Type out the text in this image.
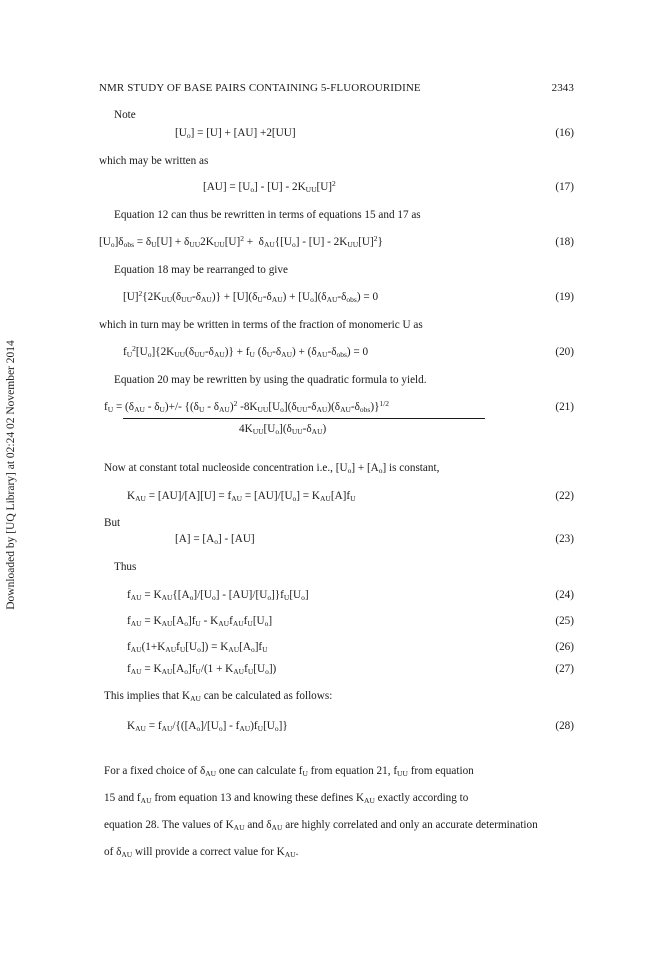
NMR STUDY OF BASE PAIRS CONTAINING 5-FLUOROURIDINE	2343
Downloaded by [UQ Library] at 02:24 02 November 2014
Note
$[U_o] = [U] + [AU] +2[UU]$	(16)
which may be written as
$[AU] = [U_o] - [U] - 2K_{UU}[U]^2$	(17)
Equation 12 can thus be rewritten in terms of equations 15 and 17 as
$[U_o]\delta_{obs} = \delta_U[U] + \delta_{UU}2K_{UU}[U]^2 + \delta_{AU}\{[U_o] - [U] - 2K_{UU}[U]^2\}$	(18)
Equation 18 may be rearranged to give
$[U]^2\{2K_{UU}(\delta_{UU}-\delta_{AU})\} + [U](\delta_U-\delta_{AU}) + [U_o](\delta_{AU}-\delta_{obs}) = 0$	(19)
which in turn may be written in terms of the fraction of monomeric U as
$f_U^2[U_o]\{2K_{UU}(\delta_{UU}-\delta_{AU})\} + f_U$ $(\delta_U-\delta_{AU}) + (\delta_{AU}-\delta_{obs}) = 0$	(20)
Equation 20 may be rewritten by using the quadratic formula to yield.
$f_U = (\delta_{AU} - \delta_U)+/-$ {$(\delta_U - \delta_{AU})^2$ $-8K_{UU}[U_o](\delta_{UU}-\delta_{AU})(\delta_{AU}-\delta_{obs})\}^{1/2}$
$4K_{UU}[U_o](\delta_{UU}-\delta_{AU})$
(21)
Now at constant total nucleoside concentration i.e., $[U_o] + [A_o]$ is constant,
$K_{AU} = [AU]/[A][U] = f_{AU} = [AU]/[U_o] = K_{AU}[A]f_U$	(22)
But
$[A] = [A_o] - [AU]$	(23)
Thus
$f_{AU} = K_{AU}\{[A_o]/[U_o] - [AU]/[U_o]\}f_U[U_o]$	(24)
$f_{AU} = K_{AU}[A_o]f_U - K_{AU}f_{AU}f_U[U_o]$	(25)
$f_{AU}(1+K_{AU}f_U[U_o]) = K_{AU}[A_o]f_U$	(26)
$f_{AU} = K_{AU}[A_o]f_U/(1 + K_{AU}f_U[U_o])$	(27)
This implies that $K_{AU}$ can be calculated as follows:
$K_{AU} = f_{AU}/\{([A_o]/[U_o] - f_{AU})f_U[U_o]\}$	(28)
For a fixed choice of $\delta_{AU}$ one can calculate $f_U$ from equation 21, $f_{UU}$ from equation
15 and $f_{AU}$ from equation 13 and knowing these defines $K_{AU}$ exactly according to
equation 28. The values of $K_{AU}$ and $\delta_{AU}$ are highly correlated and only an accurate determination
of $\delta_{AU}$ will provide a correct value for $K_{AU}$.
